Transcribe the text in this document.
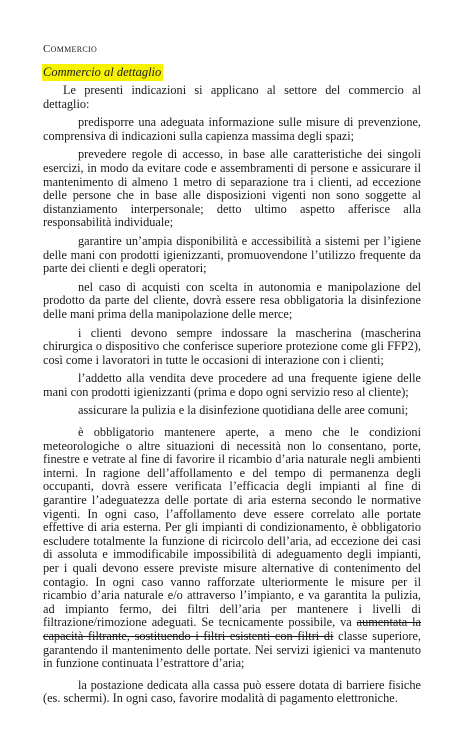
Commercio
Commercio al dettaglio

Le presenti indicazioni si applicano al settore del commercio al dettaglio:

predisporre una adeguata informazione sulle misure di prevenzione, comprensiva di indicazioni sulla capienza massima degli spazi;

prevedere regole di accesso, in base alle caratteristiche dei singoli esercizi, in modo da evitare code e assembramenti di persone e assicurare il mantenimento di almeno 1 metro di separazione tra i clienti, ad eccezione delle persone che in base alle disposizioni vigenti non sono soggette al distanziamento interpersonale; detto ultimo aspetto afferisce alla responsabilità individuale;

garantire un’ampia disponibilità e accessibilità a sistemi per l’igiene delle mani con prodotti igienizzanti, promuovendone l’utilizzo frequente da parte dei clienti e degli operatori;

nel caso di acquisti con scelta in autonomia e manipolazione del prodotto da parte del cliente, dovrà essere resa obbligatoria la disinfezione delle mani prima della manipolazione delle merce;

i clienti devono sempre indossare la mascherina (mascherina chirurgica o dispositivo che conferisce superiore protezione come gli FFP2), così come i lavoratori in tutte le occasioni di interazione con i clienti;

l’addetto alla vendita deve procedere ad una frequente igiene delle mani con prodotti igienizzanti (prima e dopo ogni servizio reso al cliente);

assicurare la pulizia e la disinfezione quotidiana delle aree comuni;

è obbligatorio mantenere aperte, a meno che le condizioni meteorologiche o altre situazioni di necessità non lo consentano, porte, finestre e vetrate al fine di favorire il ricambio d’aria naturale negli ambienti interni. In ragione dell’affollamento e del tempo di permanenza degli occupanti, dovrà essere verificata l’efficacia degli impianti al fine di garantire l’adeguatezza delle portate di aria esterna secondo le normative vigenti. In ogni caso, l’affollamento deve essere correlato alle portate effettive di aria esterna. Per gli impianti di condizionamento, è obbligatorio escludere totalmente la funzione di ricircolo dell’aria, ad eccezione dei casi di assoluta e immodificabile impossibilità di adeguamento degli impianti, per i quali devono essere previste misure alternative di contenimento del contagio. In ogni caso vanno rafforzate ulteriormente le misure per il ricambio d’aria naturale e/o attraverso l’impianto, e va garantita la pulizia, ad impianto fermo, dei filtri dell’aria per mantenere i livelli di filtrazione/rimozione adeguati. Se tecnicamente possibile, va aumentata la capacità filtrante, sostituendo i filtri esistenti con filtri di classe superiore, garantendo il mantenimento delle portate. Nei servizi igienici va mantenuto in funzione continuata l’estrattore d’aria;

la postazione dedicata alla cassa può essere dotata di barriere fisiche (es. schermi). In ogni caso, favorire modalità di pagamento elettroniche.
